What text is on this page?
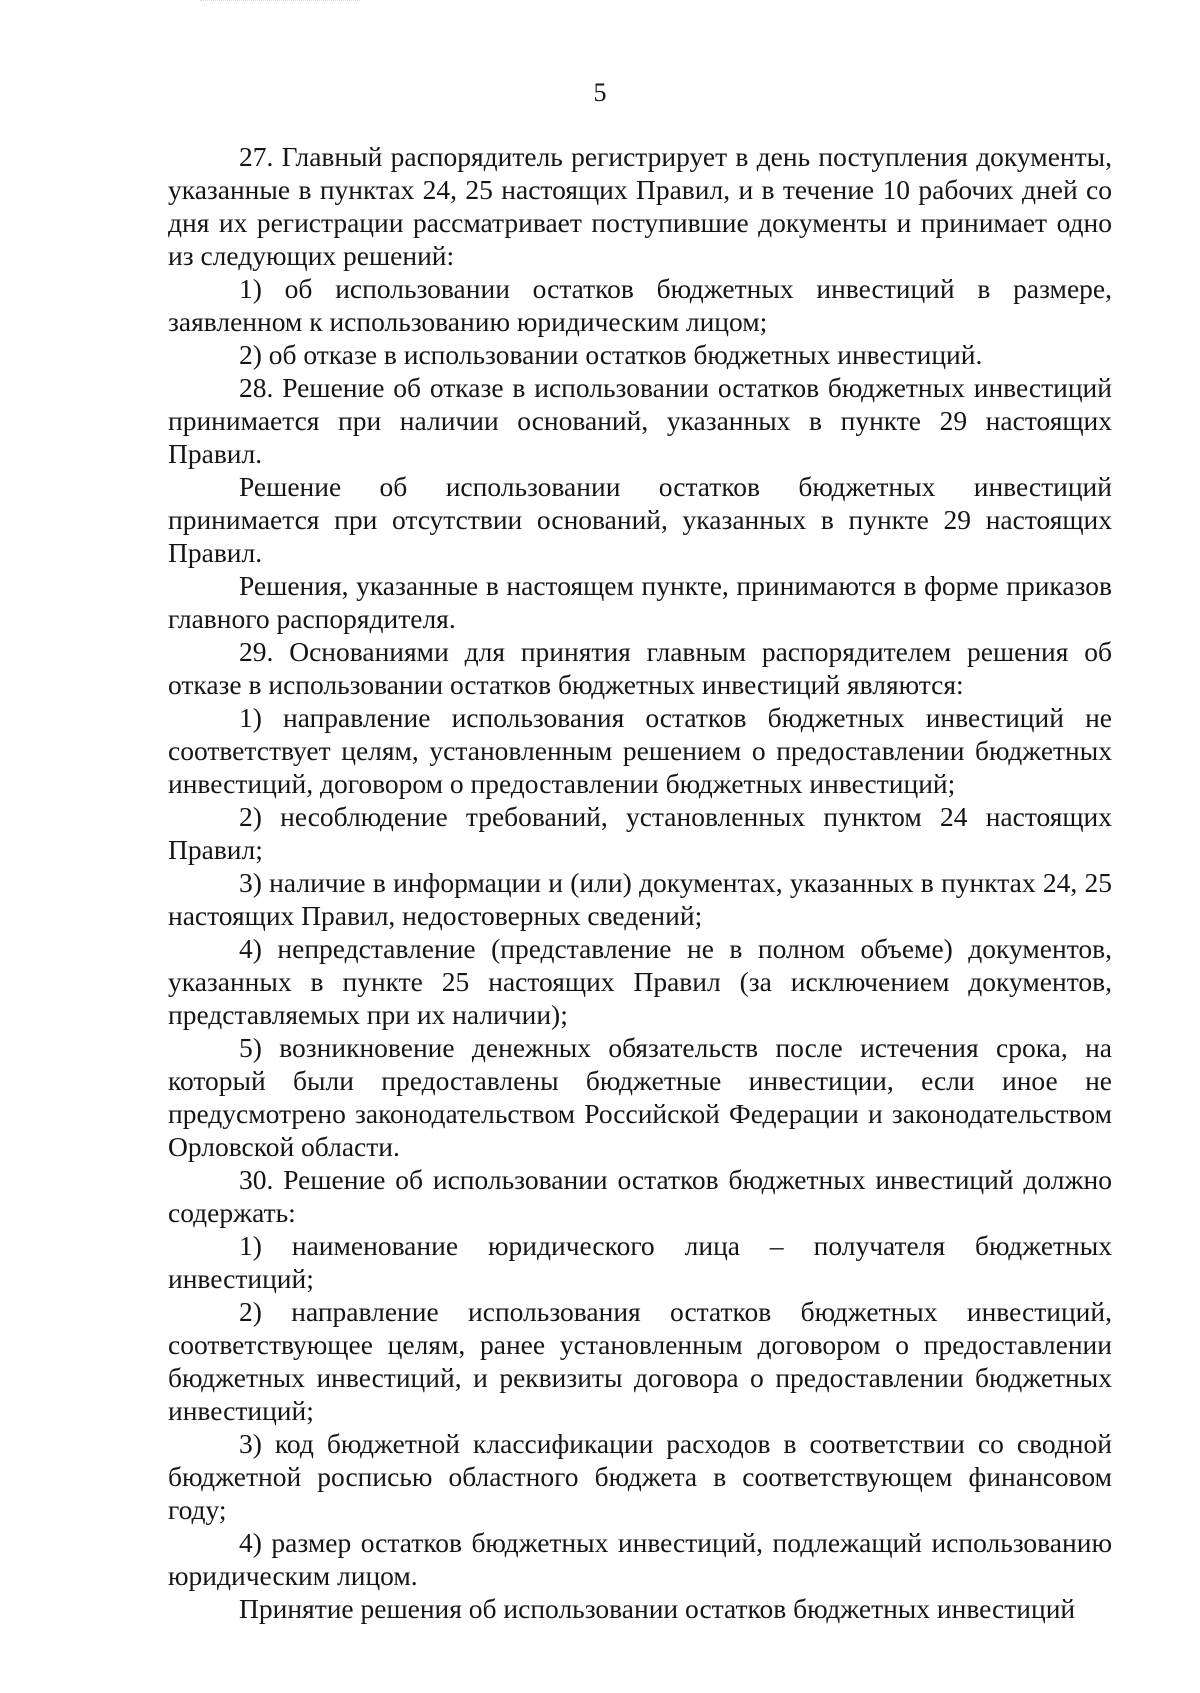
5

27. Главный распорядитель регистрирует в день поступления документы, указанные в пунктах 24, 25 настоящих Правил, и в течение 10 рабочих дней со дня их регистрации рассматривает поступившие документы и принимает одно из следующих решений:

1) об использовании остатков бюджетных инвестиций в размере, заявленном к использованию юридическим лицом;

2) об отказе в использовании остатков бюджетных инвестиций.

28. Решение об отказе в использовании остатков бюджетных инвестиций принимается при наличии оснований, указанных в пункте 29 настоящих Правил.

Решение об использовании остатков бюджетных инвестиций принимается при отсутствии оснований, указанных в пункте 29 настоящих Правил.

Решения, указанные в настоящем пункте, принимаются в форме приказов главного распорядителя.

29. Основаниями для принятия главным распорядителем решения об отказе в использовании остатков бюджетных инвестиций являются:

1) направление использования остатков бюджетных инвестиций не соответствует целям, установленным решением о предоставлении бюджетных инвестиций, договором о предоставлении бюджетных инвестиций;

2) несоблюдение требований, установленных пунктом 24 настоящих Правил;

3) наличие в информации и (или) документах, указанных в пунктах 24, 25 настоящих Правил, недостоверных сведений;

4) непредставление (представление не в полном объеме) документов, указанных в пункте 25 настоящих Правил (за исключением документов, представляемых при их наличии);

5) возникновение денежных обязательств после истечения срока, на который были предоставлены бюджетные инвестиции, если иное не предусмотрено законодательством Российской Федерации и законодательством Орловской области.

30. Решение об использовании остатков бюджетных инвестиций должно содержать:

1) наименование юридического лица – получателя бюджетных инвестиций;

2) направление использования остатков бюджетных инвестиций, соответствующее целям, ранее установленным договором о предоставлении бюджетных инвестиций, и реквизиты договора о предоставлении бюджетных инвестиций;

3) код бюджетной классификации расходов в соответствии со сводной бюджетной росписью областного бюджета в соответствующем финансовом году;

4) размер остатков бюджетных инвестиций, подлежащий использованию юридическим лицом.

Принятие решения об использовании остатков бюджетных инвестиций
